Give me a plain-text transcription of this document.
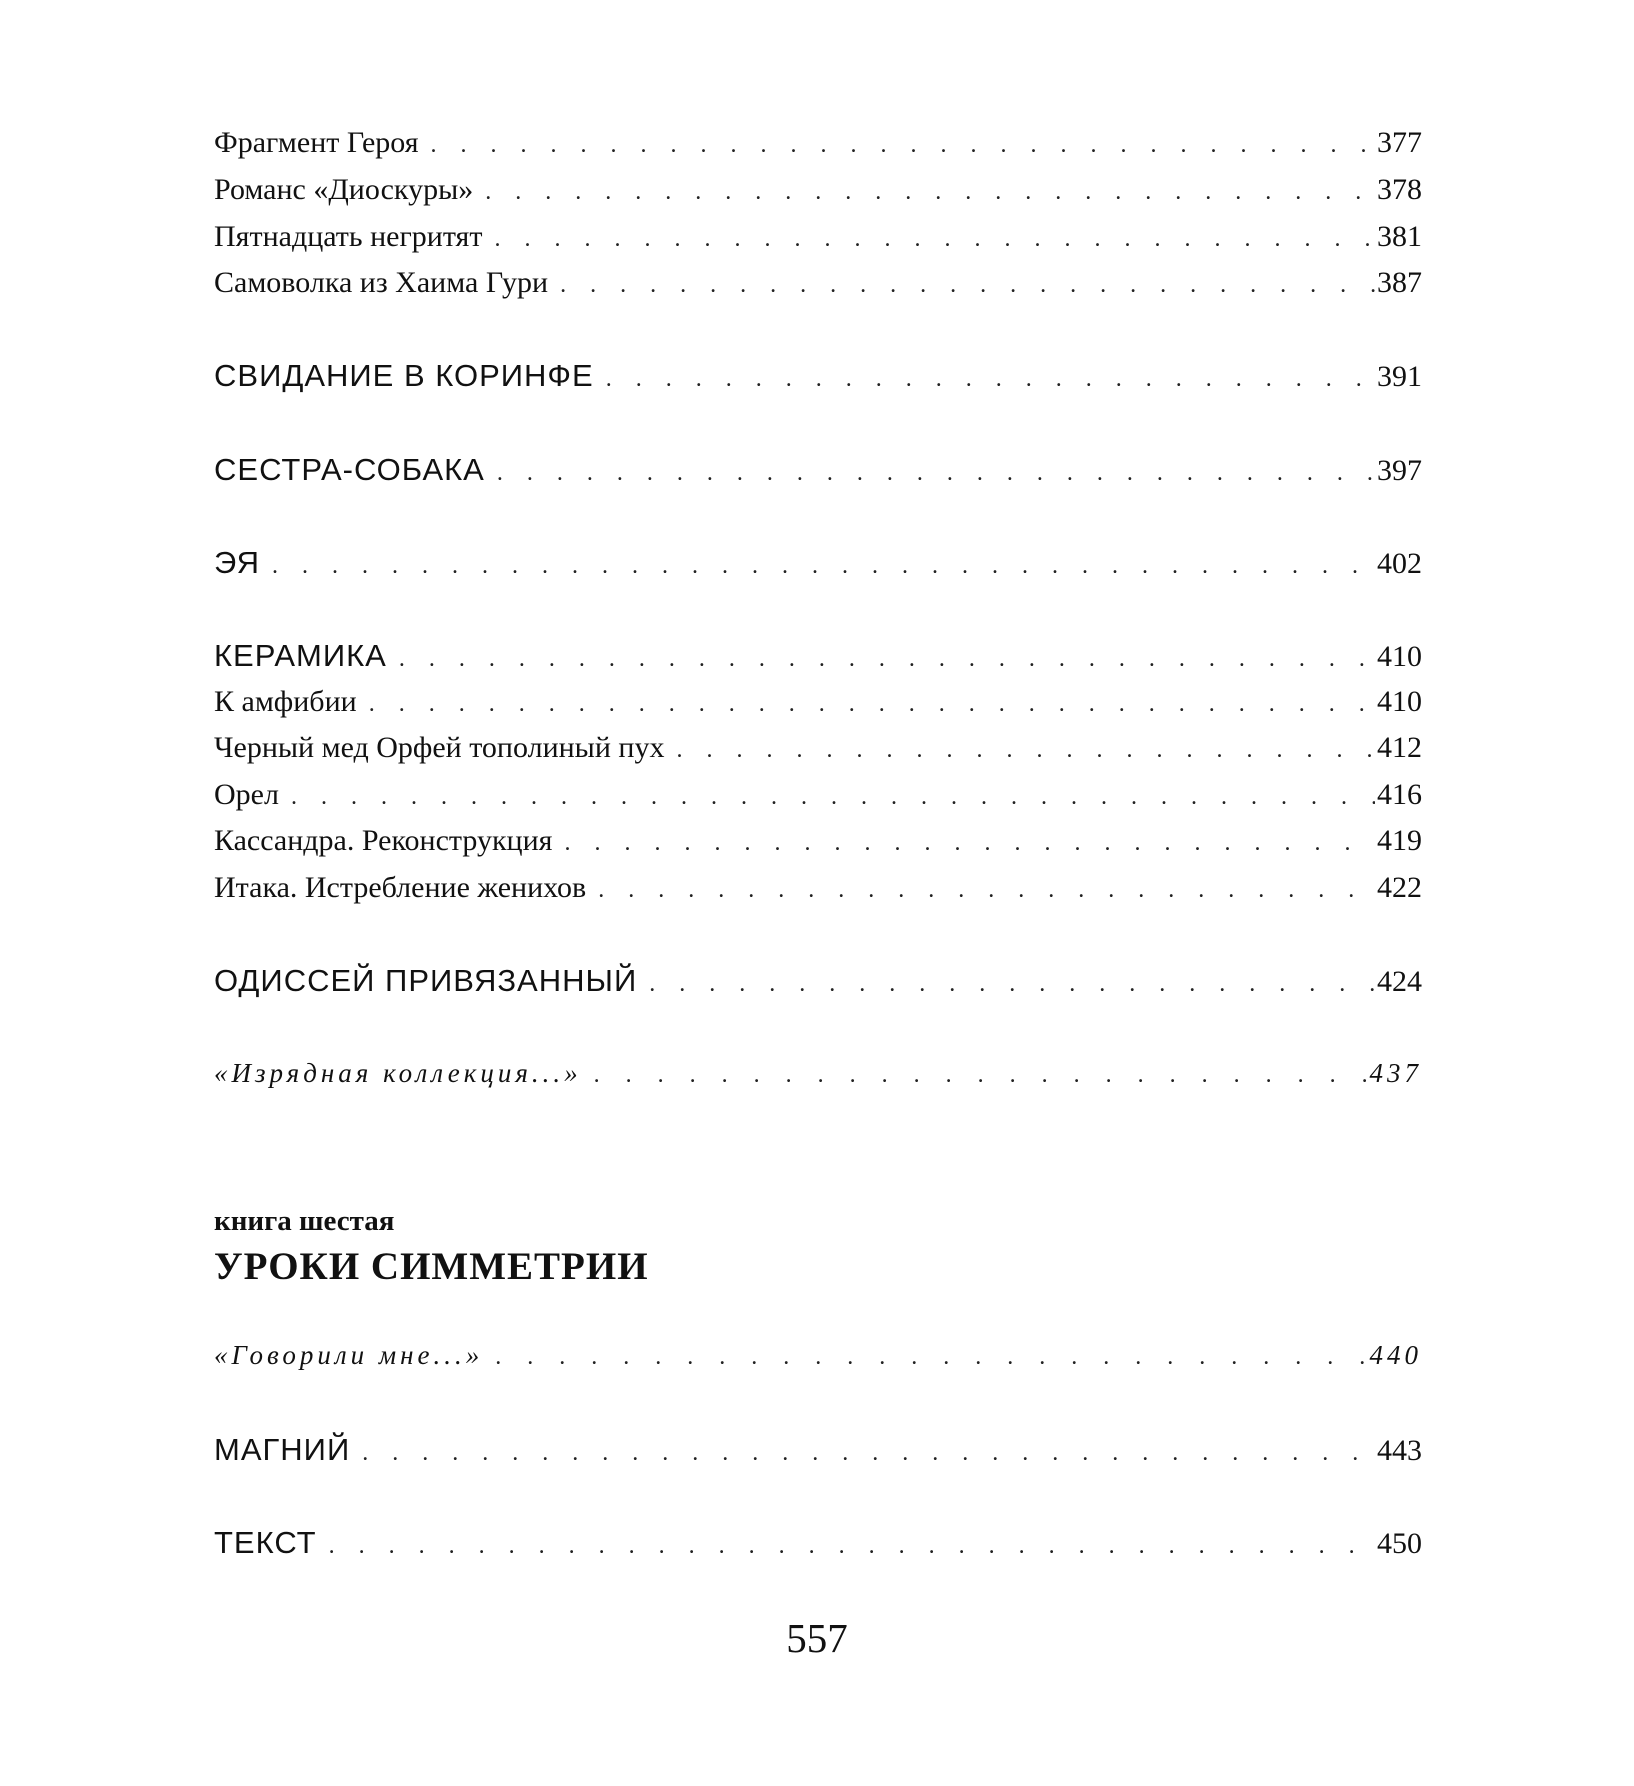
Фрагмент Героя . . .	377
Романс «Диоскуры» . . .	378
Пятнадцать негритят . . .	381
Самоволка из Хаима Гури . . .	387
СВИДАНИЕ В КОРИНФЕ . . .	391
СЕСТРА-СОБАКА . . .	397
ЭЯ . . .	402
КЕРАМИКА . . .	410
К амфибии . . .	410
Черный мед Орфей тополиный пух . . .	412
Орел . . .	416
Кассандра. Реконструкция . . .	419
Итака. Истребление женихов . . .	422
ОДИССЕЙ ПРИВЯЗАННЫЙ . . .	424
«Изрядная коллекция...» . . .	437
книга шестая
УРОКИ СИММЕТРИИ
«Говорили мне...» . . .	440
МАГНИЙ . . .	443
ТЕКСТ . . .	450
557
